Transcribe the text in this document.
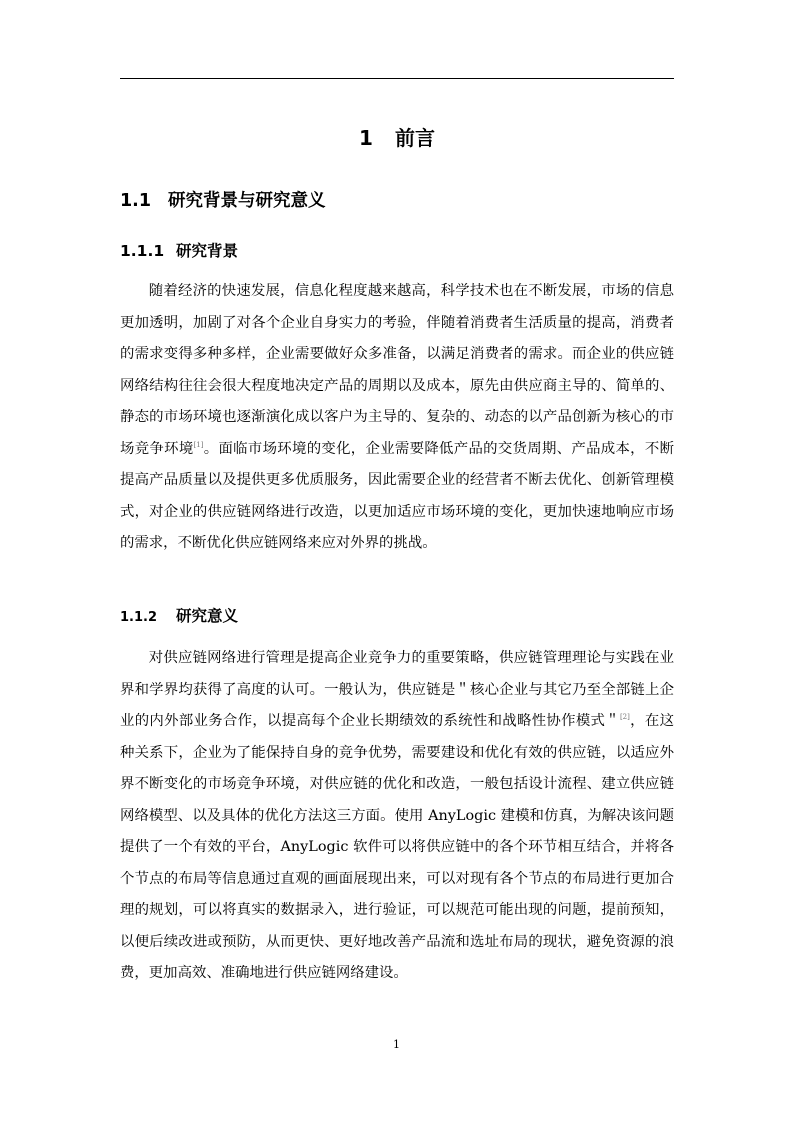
1 前言
1.1 研究背景与研究意义
1.1.1 研究背景

随着经济的快速发展，信息化程度越来越高，科学技术也在不断发展，市场的信息更加透明，加剧了对各个企业自身实力的考验，伴随着消费者生活质量的提高，消费者的需求变得多种多样，企业需要做好众多准备，以满足消费者的需求。而企业的供应链网络结构往往会很大程度地决定产品的周期以及成本，原先由供应商主导的、简单的、静态的市场环境也逐渐演化成以客户为主导的、复杂的、动态的以产品创新为核心的市场竞争环境[1]。面临市场环境的变化，企业需要降低产品的交货周期、产品成本，不断提高产品质量以及提供更多优质服务，因此需要企业的经营者不断去优化、创新管理模式，对企业的供应链网络进行改造，以更加适应市场环境的变化，更加快速地响应市场的需求，不断优化供应链网络来应对外界的挑战。

1.1.2 研究意义

对供应链网络进行管理是提高企业竞争力的重要策略，供应链管理理论与实践在业界和学界均获得了高度的认可。一般认为，供应链是＂核心企业与其它乃至全部链上企业的内外部业务合作，以提高每个企业长期绩效的系统性和战略性协作模式＂[2]，在这种关系下，企业为了能保持自身的竞争优势，需要建设和优化有效的供应链，以适应外界不断变化的市场竞争环境，对供应链的优化和改造，一般包括设计流程、建立供应链网络模型、以及具体的优化方法这三方面。使用 AnyLogic 建模和仿真，为解决该问题提供了一个有效的平台，AnyLogic 软件可以将供应链中的各个环节相互结合，并将各个节点的布局等信息通过直观的画面展现出来，可以对现有各个节点的布局进行更加合理的规划，可以将真实的数据录入，进行验证，可以规范可能出现的问题，提前预知，以便后续改进或预防，从而更快、更好地改善产品流和选址布局的现状，避免资源的浪费，更加高效、准确地进行供应链网络建设。

1
